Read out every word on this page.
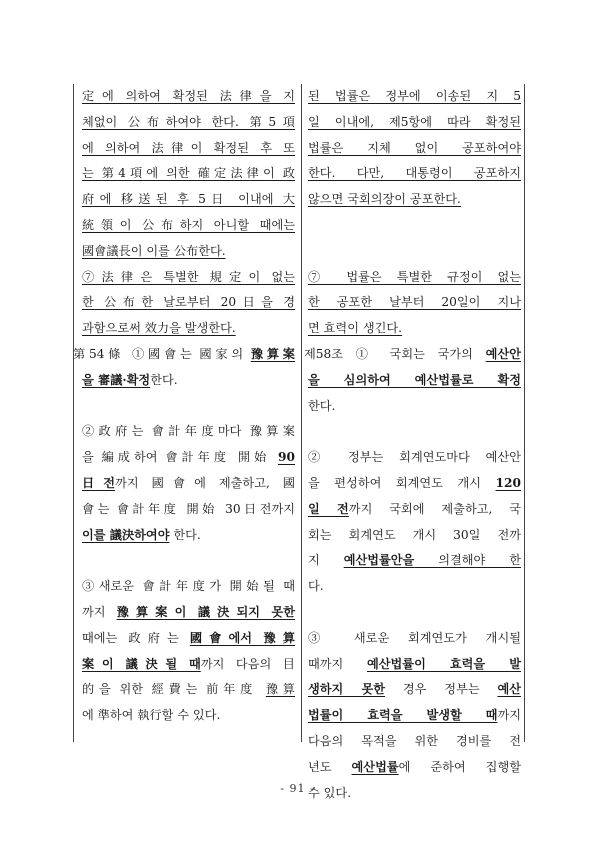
定에 의하여 확정된 法律을 지
체없이 公布하여야 한다. 第5項
에 의하여 法律이 확정된 후 또
는 第4項에 의한 確定法律이 政
府에 移送된 후 5日 이내에 大
統領이 公布하지 아니할 때에는
國會議長이 이를 公布한다.
⑦法律은 특별한 規定이 없는
한 公布한 날로부터 20日을 경
과함으로써 效力을 발생한다.
第54條 ①國會는 國家의 豫算案
을 審議·확정한다.
②政府는 會計年度마다 豫算案
을 編成하여 會計年度 開始 90
日전까지 國會에 제출하고, 國
會는 會計年度 開始 30日전까지
이를 議決하여야 한다.
③새로운 會計年度가 開始될 때
까지 豫算案이 議決되지 못한
때에는 政府는 國會에서 豫算
案이 議決될 때까지 다음의 目
的을 위한 經費는 前年度 豫算
에 準하여 執行할 수 있다.
된 법률은 정부에 이송된 지 5
일 이내에, 제5항에 따라 확정된
법률은 지체 없이 공포하여야
한다. 다만, 대통령이 공포하지
않으면 국회의장이 공포한다.
⑦ 법률은 특별한 규정이 없는
한 공포한 날부터 20일이 지나
면 효력이 생긴다.
제58조 ① 국회는 국가의 예산안
을 심의하여 예산법률로 확정
한다.
② 정부는 회계연도마다 예산안
을 편성하여 회계연도 개시 120
일 전까지 국회에 제출하고, 국
회는 회계연도 개시 30일 전까
지 예산법률안을 의결해야 한
다.
③ 새로운 회계연도가 개시될
때까지 예산법률이 효력을 발
생하지 못한 경우 정부는 예산
법률이 효력을 발생할 때까지
다음의 목적을 위한 경비를 전
년도 예산법률에 준하여 집행할
수 있다.
- 91 -
